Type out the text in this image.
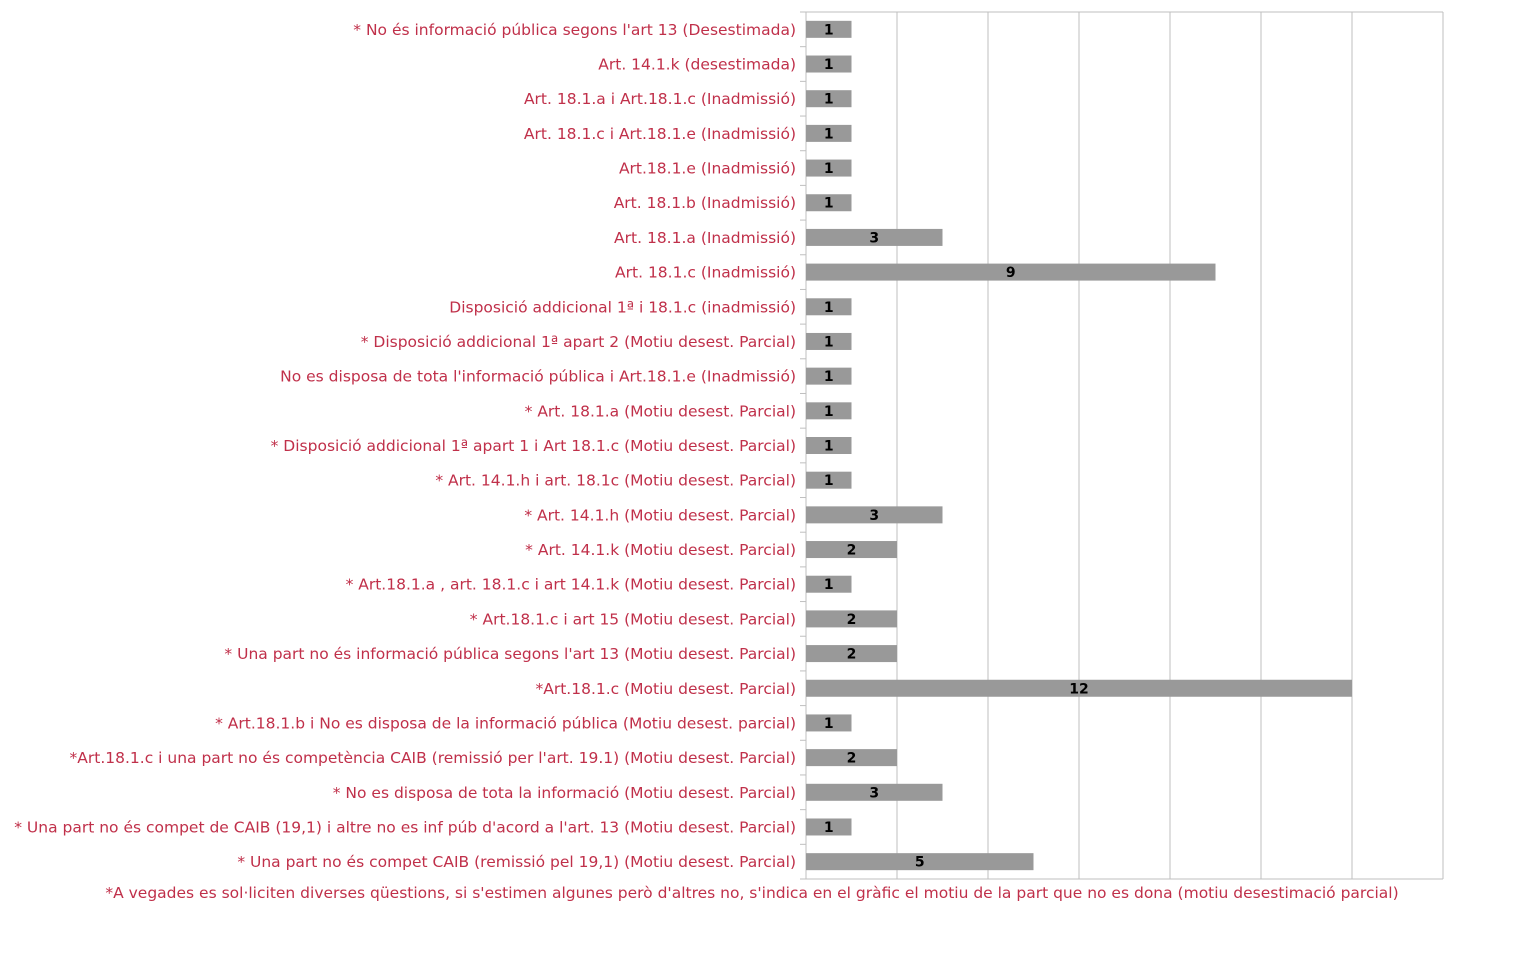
1
* No és informació pública segons l'art 13 (Desestimada)
1
Art. 14.1.k (desestimada)
1
Art. 18.1.a i Art.18.1.c (Inadmissió)
1
Art. 18.1.c i Art.18.1.e (Inadmissió)
1
Art.18.1.e (Inadmissió)
1
Art. 18.1.b (Inadmissió)
3
Art. 18.1.a (Inadmissió)
9
Art. 18.1.c (Inadmissió)
1
Disposició addicional 1ª i 18.1.c (inadmissió)
1
* Disposició addicional 1ª apart 2 (Motiu desest. Parcial)
1
No es disposa de tota l'informació pública i Art.18.1.e (Inadmissió)
1
* Art. 18.1.a (Motiu desest. Parcial)
1
* Disposició addicional 1ª apart 1 i Art 18.1.c (Motiu desest. Parcial)
1
* Art. 14.1.h i art. 18.1c (Motiu desest. Parcial)
3
* Art. 14.1.h (Motiu desest. Parcial)
2
* Art. 14.1.k (Motiu desest. Parcial)
1
* Art.18.1.a , art. 18.1.c i art 14.1.k (Motiu desest. Parcial)
2
* Art.18.1.c i art 15 (Motiu desest. Parcial)
2
* Una part no és informació pública segons l'art 13 (Motiu desest. Parcial)
12
*Art.18.1.c (Motiu desest. Parcial)
1
* Art.18.1.b i No es disposa de la informació pública (Motiu desest. parcial)
2
*Art.18.1.c i una part no és competència CAIB (remissió per l'art. 19.1) (Motiu desest. Parcial)
3
* No es disposa de tota la informació (Motiu desest. Parcial)
1
* Una part no és compet de CAIB (19,1) i altre no es inf púb d'acord a l'art. 13 (Motiu desest. Parcial)
5
* Una part no és compet CAIB (remissió pel 19,1) (Motiu desest. Parcial)
*A vegades es sol·liciten diverses qüestions, si s'estimen algunes però d'altres no, s'indica en el gràfic el motiu de la part que no es dona (motiu desestimació parcial)
